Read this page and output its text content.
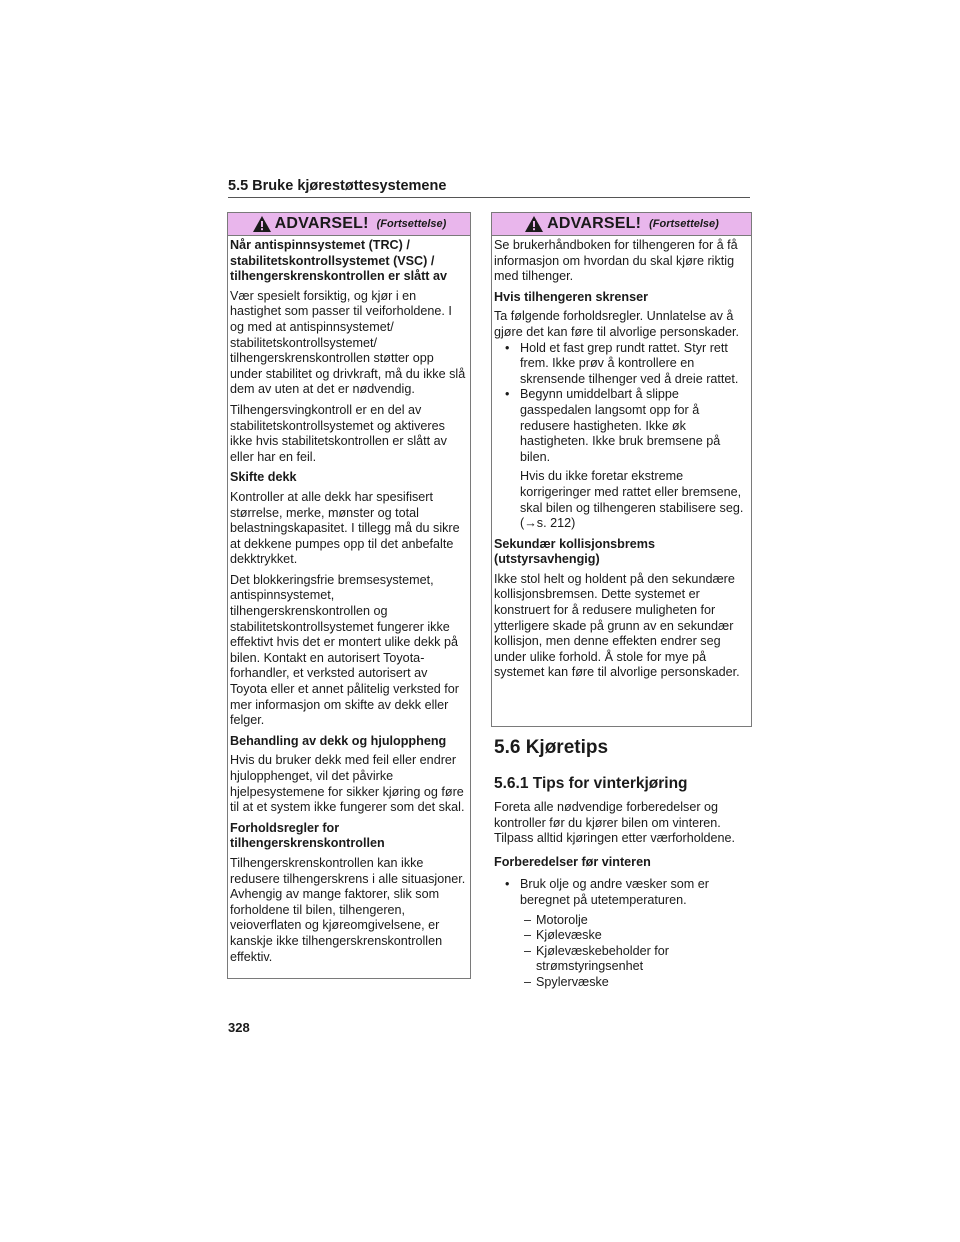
5.5 Bruke kjørestøttesystemene
ADVARSEL! (Fortsettelse)

Når antispinnsystemet (TRC) / stabilitetskontrollsystemet (VSC) / tilhengerskrenskontrollen er slått av

Vær spesielt forsiktig, og kjør i en hastighet som passer til veiforholdene. I og med at antispinnsystemet/ stabilitetskontrollsystemet/ tilhengerskrenskontrollen støtter opp under stabilitet og drivkraft, må du ikke slå dem av uten at det er nødvendig.

Tilhengersvingkontroll er en del av stabilitetskontrollsystemet og aktiveres ikke hvis stabilitetskontrollen er slått av eller har en feil.

Skifte dekk

Kontroller at alle dekk har spesifisert størrelse, merke, mønster og total belastningskapasitet. I tillegg må du sikre at dekkene pumpes opp til det anbefalte dekktrykket.

Det blokkeringsfrie bremsesystemet, antispinnsystemet, tilhengerskrenskontrollen og stabilitetskontrollsystemet fungerer ikke effektivt hvis det er montert ulike dekk på bilen. Kontakt en autorisert Toyota-forhandler, et verksted autorisert av Toyota eller et annet pålitelig verksted for mer informasjon om skifte av dekk eller felger.

Behandling av dekk og hjuloppheng

Hvis du bruker dekk med feil eller endrer hjulopphenget, vil det påvirke hjelpesystemene for sikker kjøring og føre til at et system ikke fungerer som det skal.

Forholdsregler for tilhengerskrenskontrollen

Tilhengerskrenskontrollen kan ikke redusere tilhengerskrens i alle situasjoner. Avhengig av mange faktorer, slik som forholdene til bilen, tilhengeren, veioverflaten og kjøreomgivelsene, er kanskje ikke tilhengerskrenskontrollen effektiv.

ADVARSEL! (Fortsettelse)

Se brukerhåndboken for tilhengeren for å få informasjon om hvordan du skal kjøre riktig med tilhenger.

Hvis tilhengeren skrenser

Ta følgende forholdsregler. Unnlatelse av å gjøre det kan føre til alvorlige personskader.

• Hold et fast grep rundt rattet. Styr rett frem. Ikke prøv å kontrollere en skrensende tilhenger ved å dreie rattet.
• Begynn umiddelbart å slippe gasspedalen langsomt opp for å redusere hastigheten. Ikke øk hastigheten. Ikke bruk bremsene på bilen.

Hvis du ikke foretar ekstreme korrigeringer med rattet eller bremsene, skal bilen og tilhengeren stabilisere seg. (→s. 212)

Sekundær kollisjonsbrems (utstyrsavhengig)

Ikke stol helt og holdent på den sekundære kollisjonsbremsen. Dette systemet er konstruert for å redusere muligheten for ytterligere skade på grunn av en sekundær kollisjon, men denne effekten endrer seg under ulike forhold. Å stole for mye på systemet kan føre til alvorlige personskader.

5.6 Kjøretips
5.6.1 Tips for vinterkjøring

Foreta alle nødvendige forberedelser og kontroller før du kjører bilen om vinteren. Tilpass alltid kjøringen etter værforholdene.

Forberedelser før vinteren

• Bruk olje og andre væsker som er beregnet på utetemperaturen.
– Motorolje
– Kjølevæske
– Kjølevæskebeholder for strømstyringsenhet
– Spylervæske
328
